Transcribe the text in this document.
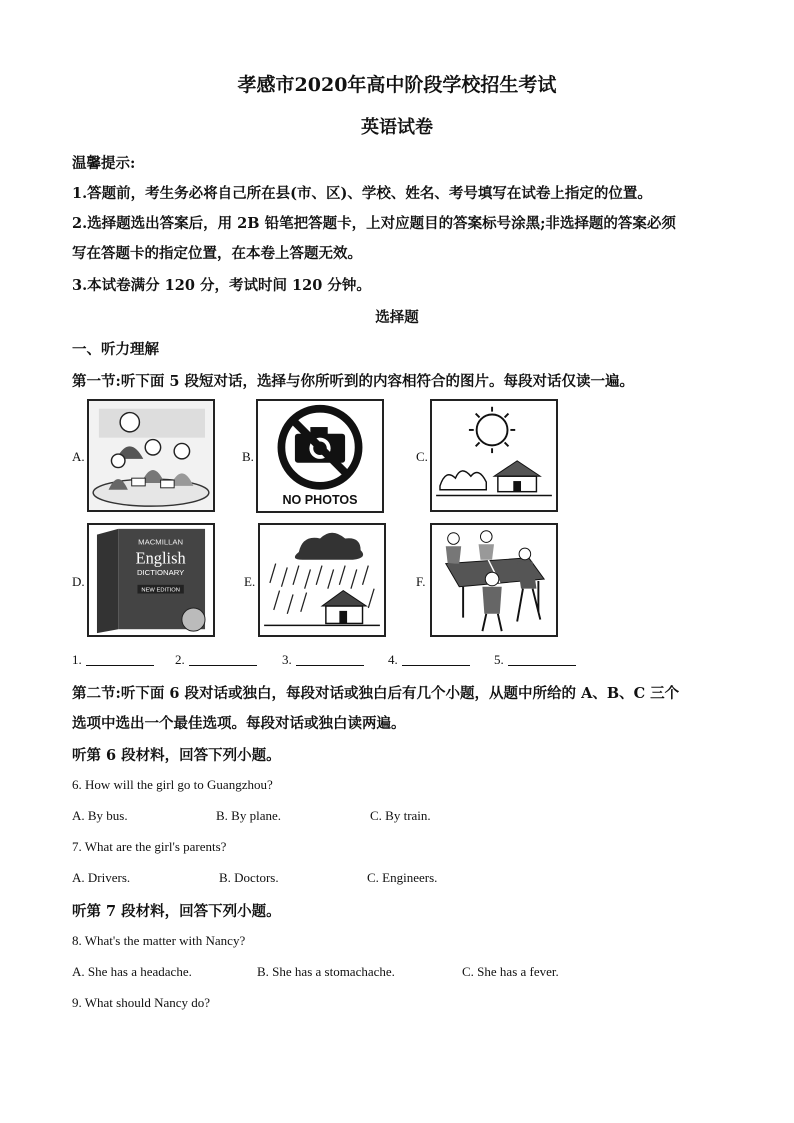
孝感市2020年高中阶段学校招生考试
英语试卷
温馨提示:
1.答题前，考生务必将自己所在县(市、区)、学校、姓名、考号填写在试卷上指定的位置。
2.选择题选出答案后，用 2B 铅笔把答题卡，上对应题目的答案标号涂黑;非选择题的答案必须
写在答题卡的指定位置，在本卷上答题无效。
3.本试卷满分 120 分，考试时间 120 分钟。
选择题
一、听力理解
第一节:听下面 5 段短对话，选择与你所听到的内容相符合的图片。每段对话仅读一遍。
A.	B.
NO PHOTOS
C.
D.
MACMILLAN
English
DICTIONARY
NEW EDITION
E.	F.
1.	2.	3.	4.	5.
第二节:听下面 6 段对话或独白，每段对话或独白后有几个小题，从题中所给的 A、B、C 三个
选项中选出一个最佳选项。每段对话或独白读两遍。
听第 6 段材料，回答下列小题。
6. How will the girl go to Guangzhou?
A. By bus.	B. By plane.	C. By train.
7. What are the girl's parents?
A. Drivers.	B. Doctors.	C. Engineers.
听第 7 段材料，回答下列小题。
8. What's the matter with Nancy?
A. She has a headache.	B. She has a stomachache.	C. She has a fever.
9. What should Nancy do?
